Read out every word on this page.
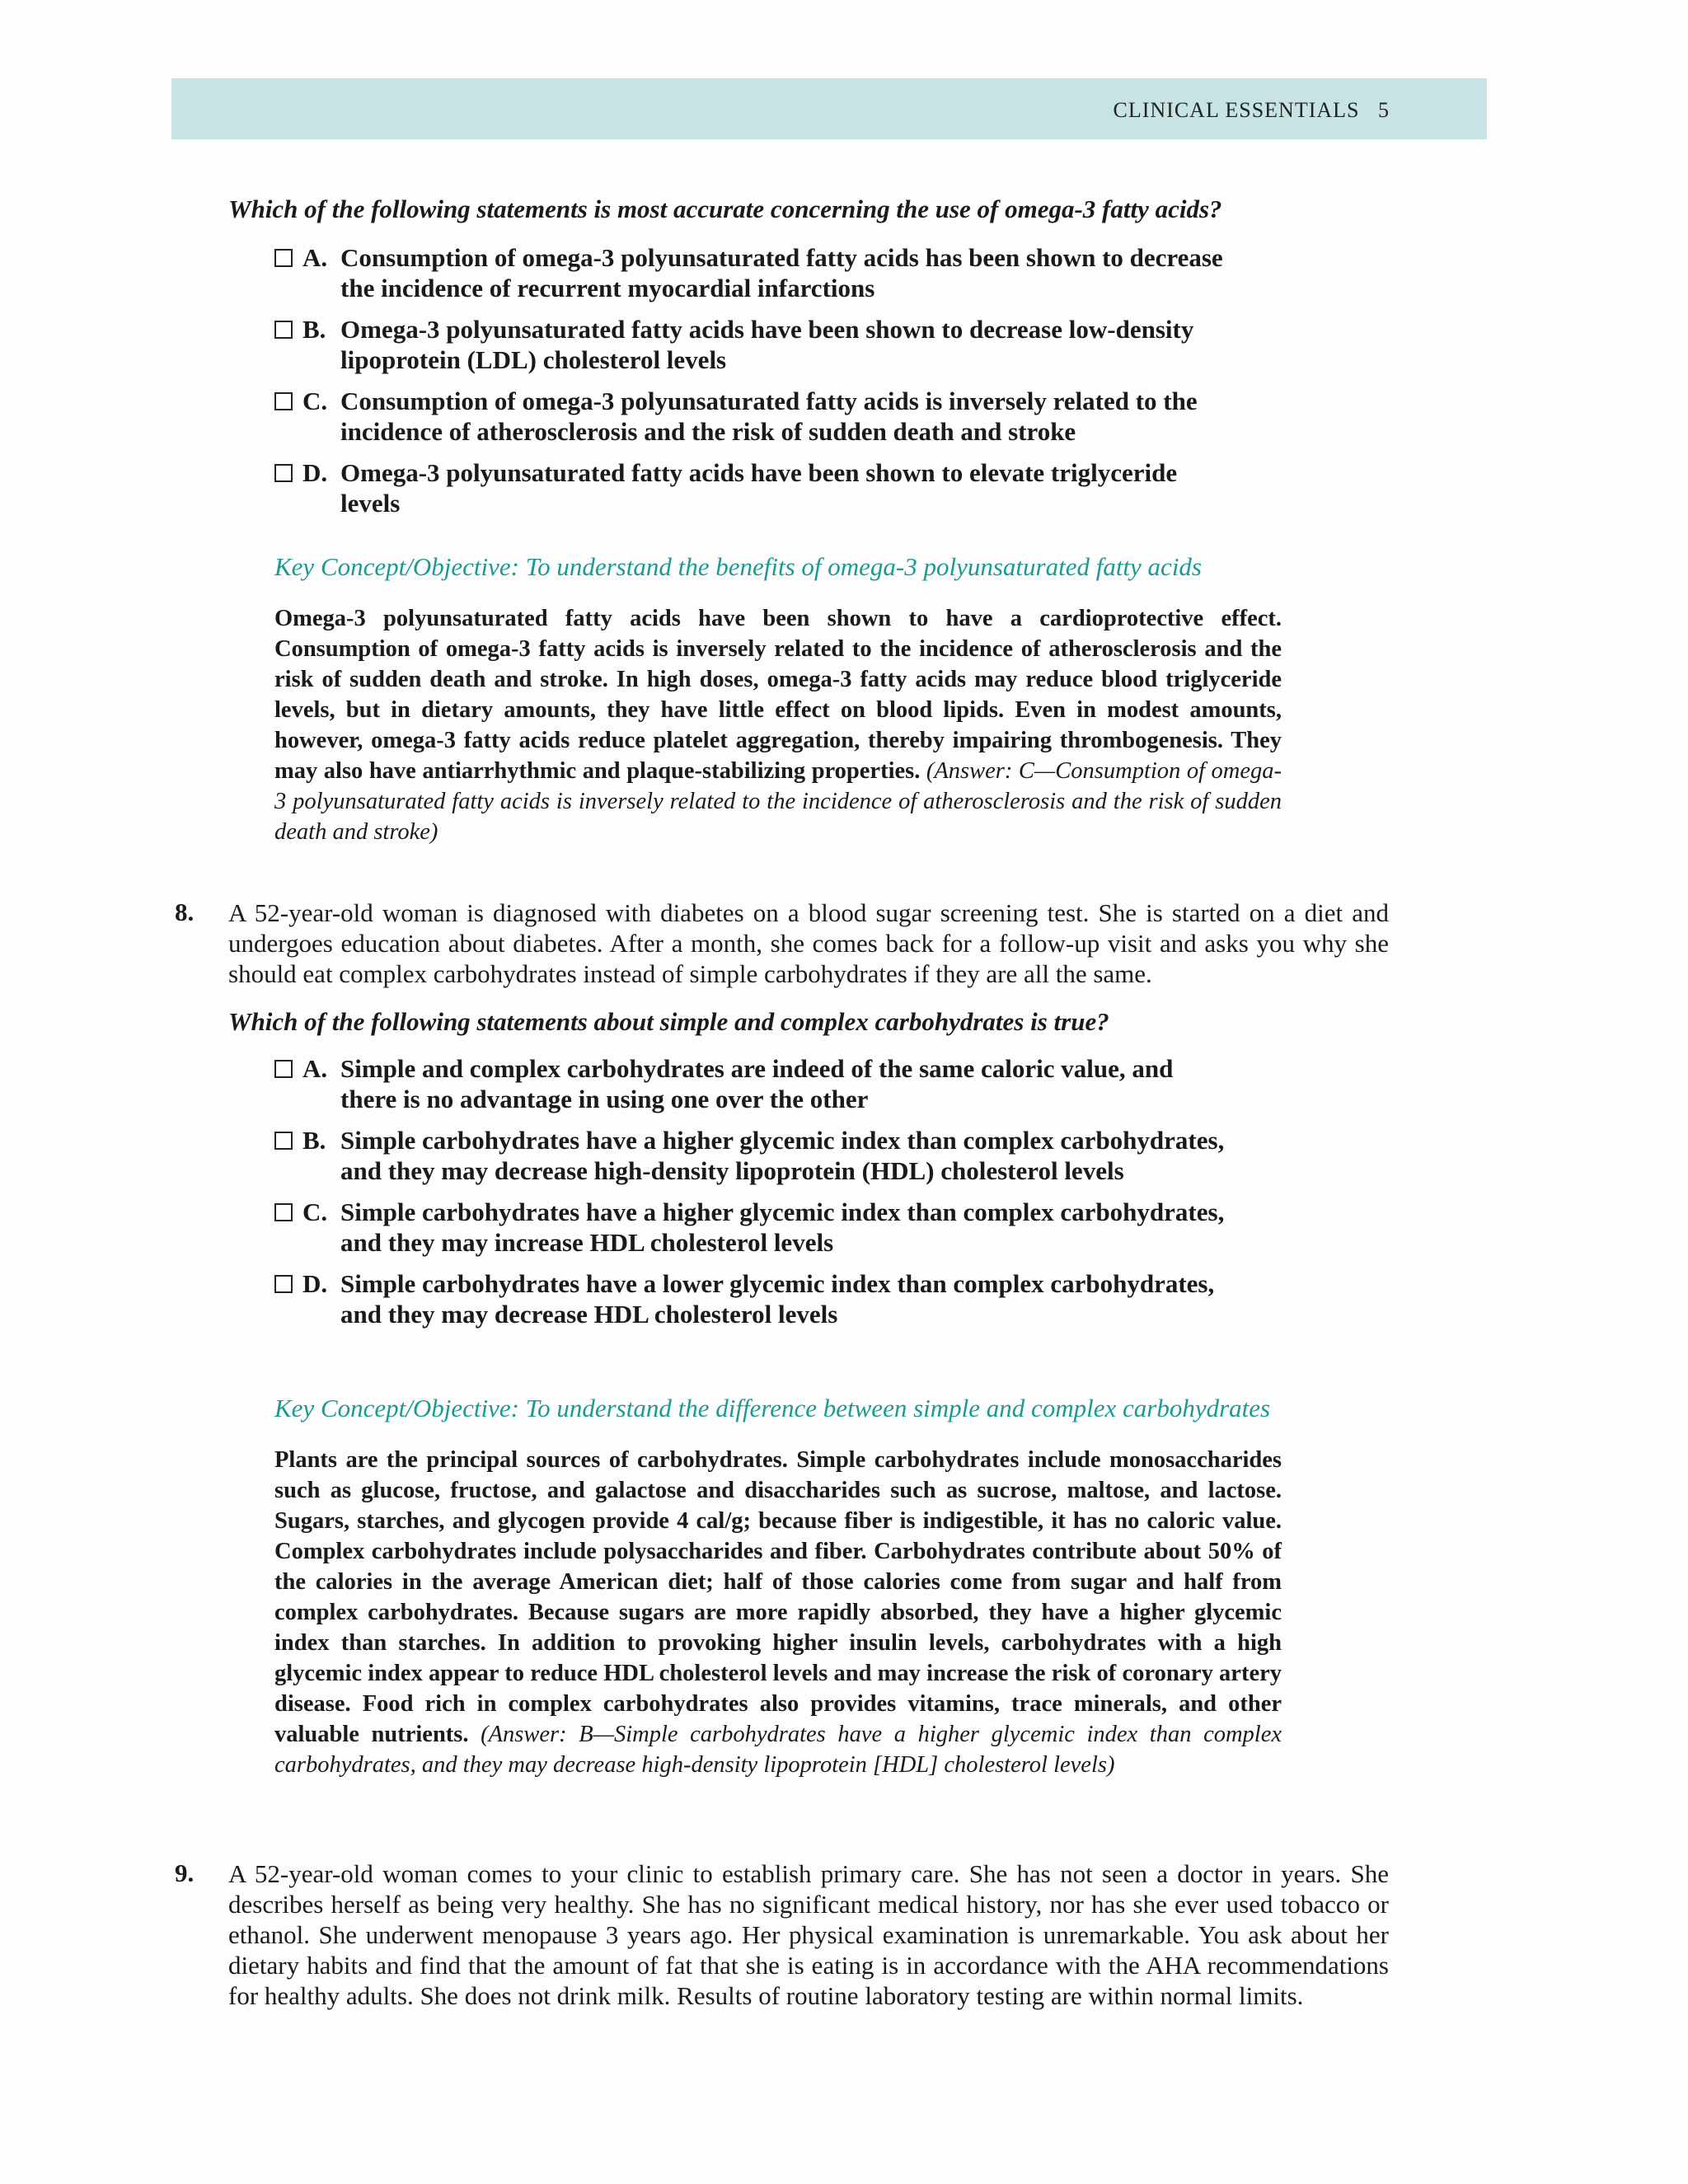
CLINICAL ESSENTIALS   5
Which of the following statements is most accurate concerning the use of omega-3 fatty acids?
A. Consumption of omega-3 polyunsaturated fatty acids has been shown to decrease the incidence of recurrent myocardial infarctions
B. Omega-3 polyunsaturated fatty acids have been shown to decrease low-density lipoprotein (LDL) cholesterol levels
C. Consumption of omega-3 polyunsaturated fatty acids is inversely related to the incidence of atherosclerosis and the risk of sudden death and stroke
D. Omega-3 polyunsaturated fatty acids have been shown to elevate triglyceride levels
Key Concept/Objective: To understand the benefits of omega-3 polyunsaturated fatty acids
Omega-3 polyunsaturated fatty acids have been shown to have a cardioprotective effect. Consumption of omega-3 fatty acids is inversely related to the incidence of atherosclerosis and the risk of sudden death and stroke. In high doses, omega-3 fatty acids may reduce blood triglyceride levels, but in dietary amounts, they have little effect on blood lipids. Even in modest amounts, however, omega-3 fatty acids reduce platelet aggregation, thereby impairing thrombogenesis. They may also have antiarrhythmic and plaque-stabilizing properties. (Answer: C—Consumption of omega-3 polyunsaturated fatty acids is inversely related to the incidence of atherosclerosis and the risk of sudden death and stroke)
8. A 52-year-old woman is diagnosed with diabetes on a blood sugar screening test. She is started on a diet and undergoes education about diabetes. After a month, she comes back for a follow-up visit and asks you why she should eat complex carbohydrates instead of simple carbohydrates if they are all the same.
Which of the following statements about simple and complex carbohydrates is true?
A. Simple and complex carbohydrates are indeed of the same caloric value, and there is no advantage in using one over the other
B. Simple carbohydrates have a higher glycemic index than complex carbohydrates, and they may decrease high-density lipoprotein (HDL) cholesterol levels
C. Simple carbohydrates have a higher glycemic index than complex carbohydrates, and they may increase HDL cholesterol levels
D. Simple carbohydrates have a lower glycemic index than complex carbohydrates, and they may decrease HDL cholesterol levels
Key Concept/Objective: To understand the difference between simple and complex carbohydrates
Plants are the principal sources of carbohydrates. Simple carbohydrates include monosaccharides such as glucose, fructose, and galactose and disaccharides such as sucrose, maltose, and lactose. Sugars, starches, and glycogen provide 4 cal/g; because fiber is indigestible, it has no caloric value. Complex carbohydrates include polysaccharides and fiber. Carbohydrates contribute about 50% of the calories in the average American diet; half of those calories come from sugar and half from complex carbohydrates. Because sugars are more rapidly absorbed, they have a higher glycemic index than starches. In addition to provoking higher insulin levels, carbohydrates with a high glycemic index appear to reduce HDL cholesterol levels and may increase the risk of coronary artery disease. Food rich in complex carbohydrates also provides vitamins, trace minerals, and other valuable nutrients. (Answer: B—Simple carbohydrates have a higher glycemic index than complex carbohydrates, and they may decrease high-density lipoprotein [HDL] cholesterol levels)
9. A 52-year-old woman comes to your clinic to establish primary care. She has not seen a doctor in years. She describes herself as being very healthy. She has no significant medical history, nor has she ever used tobacco or ethanol. She underwent menopause 3 years ago. Her physical examination is unremarkable. You ask about her dietary habits and find that the amount of fat that she is eating is in accordance with the AHA recommendations for healthy adults. She does not drink milk. Results of routine laboratory testing are within normal limits.
